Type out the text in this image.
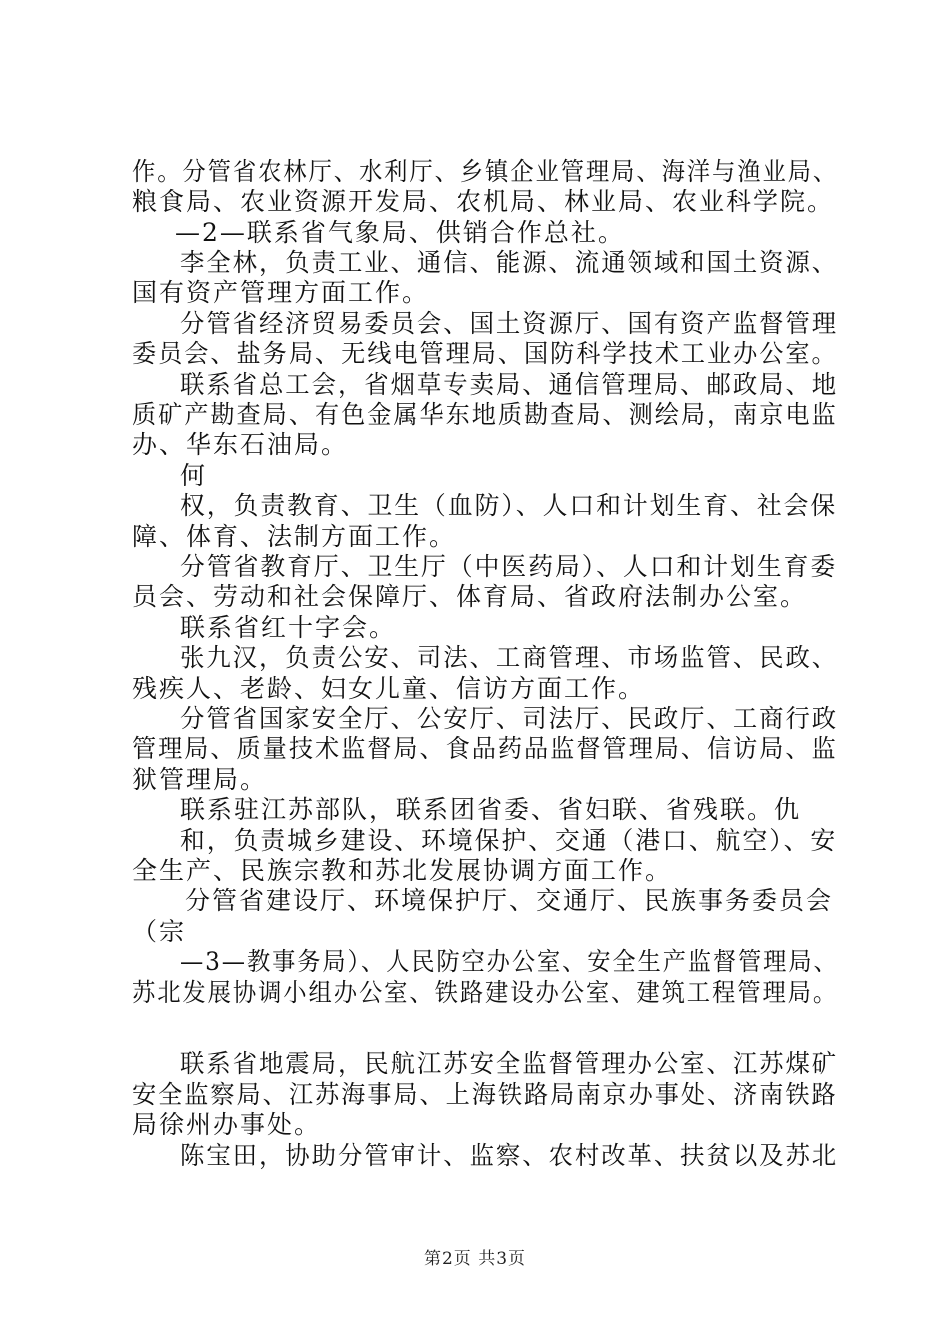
作。分管省农林厅、水利厅、乡镇企业管理局、海洋与渔业局、
粮食局、农业资源开发局、农机局、林业局、农业科学院。
—2—联系省气象局、供销合作总社。
李全林，负责工业、通信、能源、流通领域和国土资源、
国有资产管理方面工作。
分管省经济贸易委员会、国土资源厅、国有资产监督管理
委员会、盐务局、无线电管理局、国防科学技术工业办公室。
联系省总工会，省烟草专卖局、通信管理局、邮政局、地
质矿产勘查局、有色金属华东地质勘查局、测绘局，南京电监
办、华东石油局。
何
权，负责教育、卫生（血防）、人口和计划生育、社会保
障、体育、法制方面工作。
分管省教育厅、卫生厅（中医药局）、人口和计划生育委
员会、劳动和社会保障厅、体育局、省政府法制办公室。
联系省红十字会。
张九汉，负责公安、司法、工商管理、市场监管、民政、
残疾人、老龄、妇女儿童、信访方面工作。
分管省国家安全厅、公安厅、司法厅、民政厅、工商行政
管理局、质量技术监督局、食品药品监督管理局、信访局、监
狱管理局。
联系驻江苏部队，联系团省委、省妇联、省残联。仇
和，负责城乡建设、环境保护、交通（港口、航空）、安
全生产、民族宗教和苏北发展协调方面工作。
分管省建设厅、环境保护厅、交通厅、民族事务委员会
（宗
—3—教事务局）、人民防空办公室、安全生产监督管理局、
苏北发展协调小组办公室、铁路建设办公室、建筑工程管理局。
联系省地震局，民航江苏安全监督管理办公室、江苏煤矿
安全监察局、江苏海事局、上海铁路局南京办事处、济南铁路
局徐州办事处。
陈宝田，协助分管审计、监察、农村改革、扶贫以及苏北
第2页 共3页
